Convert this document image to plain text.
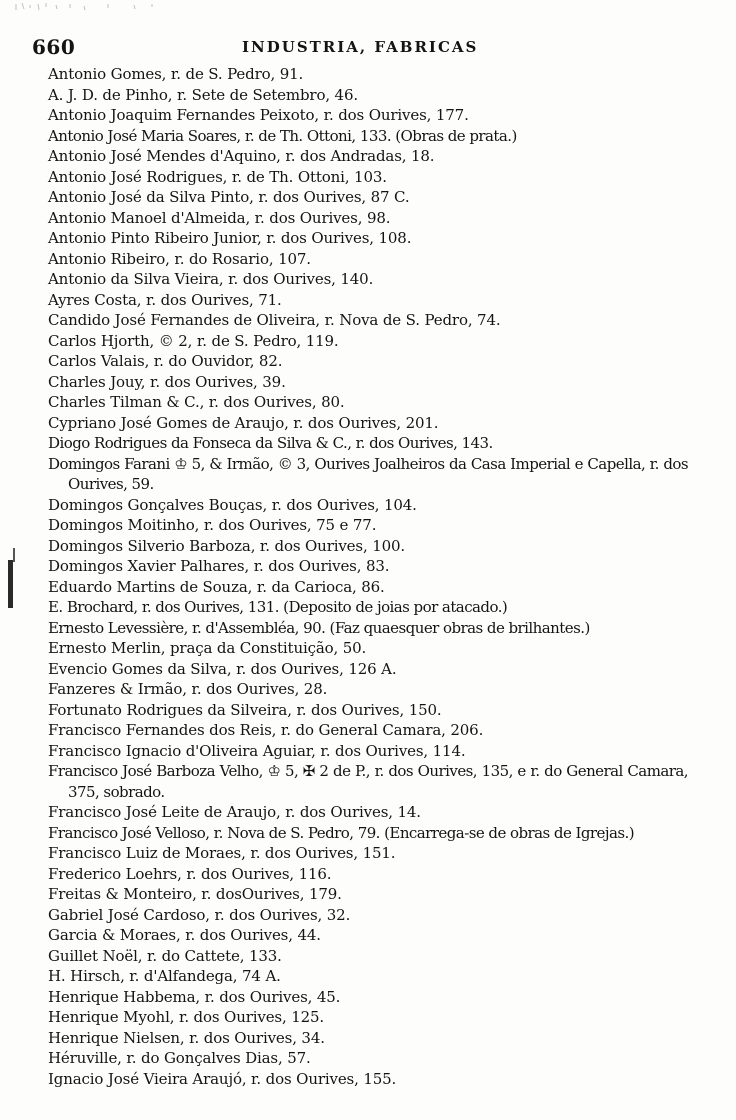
660	INDUSTRIA, FABRICAS
Antonio Gomes, r. de S. Pedro, 91.
A. J. D. de Pinho, r. Sete de Setembro, 46.
Antonio Joaquim Fernandes Peixoto, r. dos Ourives, 177.
Antonio José Maria Soares, r. de Th. Ottoni, 133. (Obras de prata.)
Antonio José Mendes d'Aquino, r. dos Andradas, 18.
Antonio José Rodrigues, r. de Th. Ottoni, 103.
Antonio José da Silva Pinto, r. dos Ourives, 87 C.
Antonio Manoel d'Almeida, r. dos Ourives, 98.
Antonio Pinto Ribeiro Junior, r. dos Ourives, 108.
Antonio Ribeiro, r. do Rosario, 107.
Antonio da Silva Vieira, r. dos Ourives, 140.
Ayres Costa, r. dos Ourives, 71.
Candido José Fernandes de Oliveira, r. Nova de S. Pedro, 74.
Carlos Hjorth, © 2, r. de S. Pedro, 119.
Carlos Valais, r. do Ouvidor, 82.
Charles Jouy, r. dos Ourives, 39.
Charles Tilman & C., r. dos Ourives, 80.
Cypriano José Gomes de Araujo, r. dos Ourives, 201.
Diogo Rodrigues da Fonseca da Silva & C., r. dos Ourives, 143.
Domingos Farani ♔ 5, & Irmão, © 3, Ourives Joalheiros da Casa Imperial e Capella, r. dos Ourives, 59.
Domingos Gonçalves Bouças, r. dos Ourives, 104.
Domingos Moitinho, r. dos Ourives, 75 e 77.
Domingos Silverio Barboza, r. dos Ourives, 100.
Domingos Xavier Palhares, r. dos Ourives, 83.
Eduardo Martins de Souza, r. da Carioca, 86.
E. Brochard, r. dos Ourives, 131. (Deposito de joias por atacado.)
Ernesto Levessière, r. d'Assembléa, 90. (Faz quaesquer obras de brilhantes.)
Ernesto Merlin, praça da Constituição, 50.
Evencio Gomes da Silva, r. dos Ourives, 126 A.
Fanzeres & Irmão, r. dos Ourives, 28.
Fortunato Rodrigues da Silveira, r. dos Ourives, 150.
Francisco Fernandes dos Reis, r. do General Camara, 206.
Francisco Ignacio d'Oliveira Aguiar, r. dos Ourives, 114.
Francisco José Barboza Velho, ♔ 5, ✠ 2 de P., r. dos Ourives, 135, e r. do General Camara, 375, sobrado.
Francisco José Leite de Araujo, r. dos Ourives, 14.
Francisco José Velloso, r. Nova de S. Pedro, 79. (Encarrega-se de obras de Igrejas.)
Francisco Luiz de Moraes, r. dos Ourives, 151.
Frederico Loehrs, r. dos Ourives, 116.
Freitas & Monteiro, r. dosOurives, 179.
Gabriel José Cardoso, r. dos Ourives, 32.
Garcia & Moraes, r. dos Ourives, 44.
Guillet Noël, r. do Cattete, 133.
H. Hirsch, r. d'Alfandega, 74 A.
Henrique Habbema, r. dos Ourives, 45.
Henrique Myohl, r. dos Ourives, 125.
Henrique Nielsen, r. dos Ourives, 34.
Héruville, r. do Gonçalves Dias, 57.
Ignacio José Vieira Araujó, r. dos Ourives, 155.
